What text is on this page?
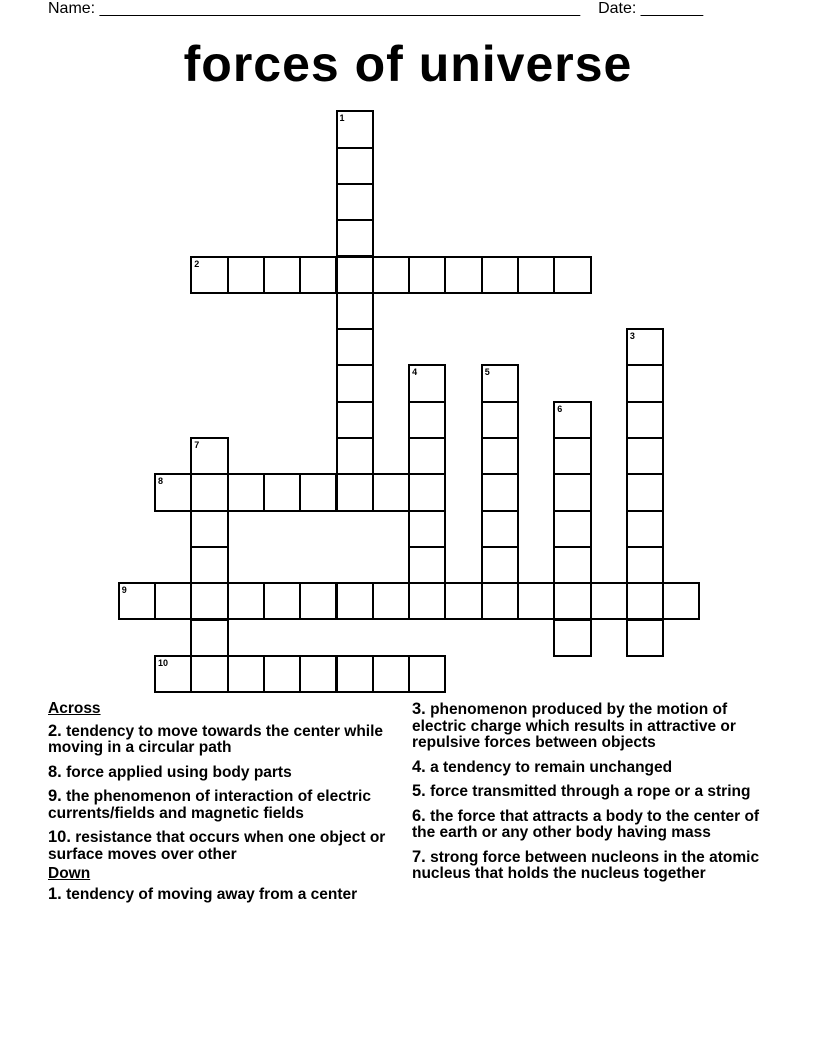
Name: ______________________________________________________ Date: _______
forces of universe
1
2
3
4	5
6
7
8
9
10
Across
2. tendency to move towards the center while moving in a circular path
8. force applied using body parts
9. the phenomenon of interaction of electric currents/fields and magnetic fields
10. resistance that occurs when one object or surface moves over other
Down
1. tendency of moving away from a center
3. phenomenon produced by the motion of electric charge which results in attractive or repulsive forces between objects
4. a tendency to remain unchanged
5. force transmitted through a rope or a string
6. the force that attracts a body to the center of the earth or any other body having mass
7. strong force between nucleons in the atomic nucleus that holds the nucleus together
